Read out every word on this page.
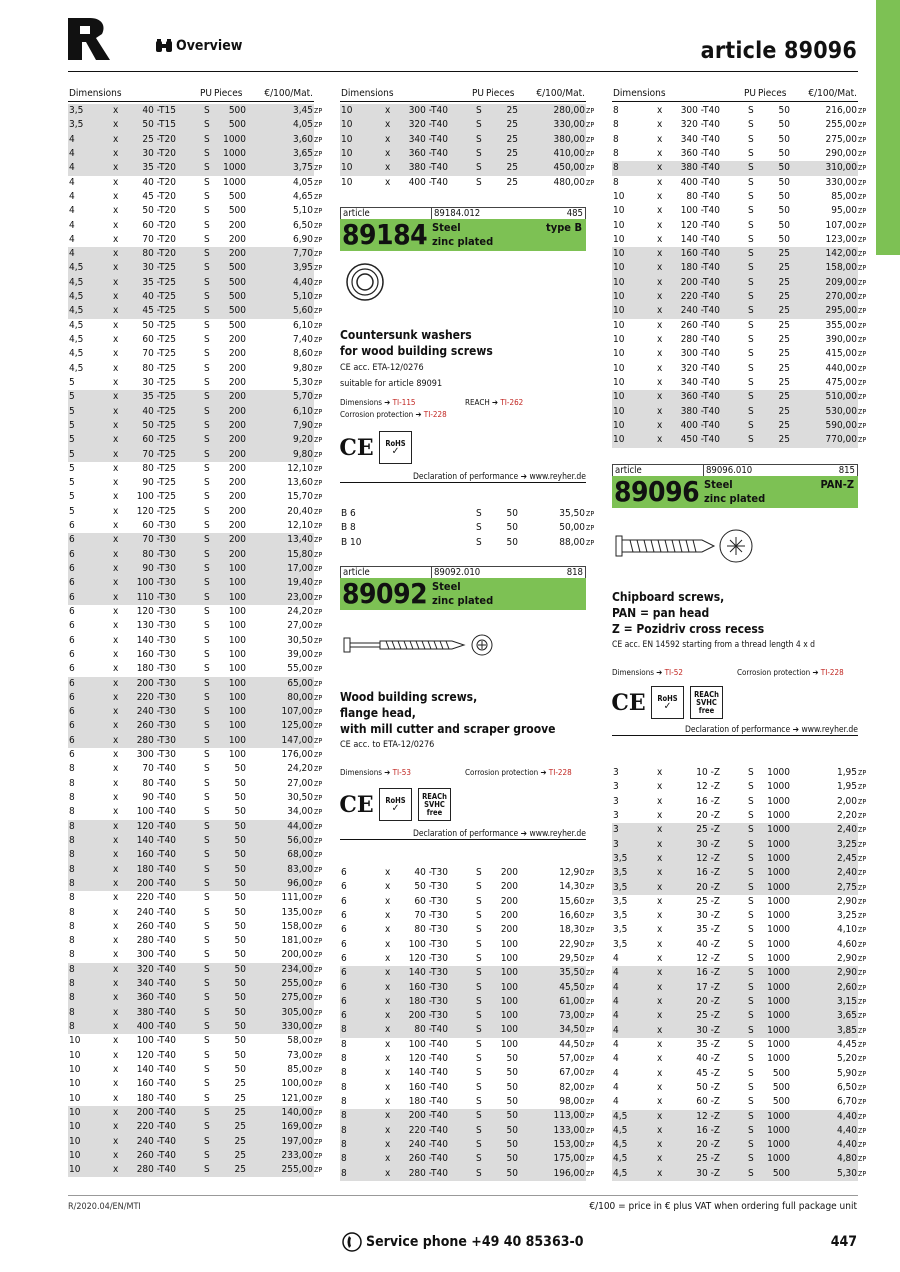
Overview	article 89096
Dimensions	PU Pieces €/100/Mat.
3,5	x	40 -T15	S	500	3,45 ZP
3,5	x	50 -T15	S	500	4,05 ZP
4	x	25 -T20	S	1000	3,60 ZP
4	x	30 -T20	S	1000	3,65 ZP
4	x	35 -T20	S	1000	3,75 ZP
4	x	40 -T20	S	1000	4,05 ZP
4	x	45 -T20	S	500	4,65 ZP
4	x	50 -T20	S	500	5,10 ZP
4	x	60 -T20	S	200	6,50 ZP
4	x	70 -T20	S	200	6,90 ZP
4	x	80 -T20	S	200	7,70 ZP
4,5	x	30 -T25	S	500	3,95 ZP
4,5	x	35 -T25	S	500	4,40 ZP
4,5	x	40 -T25	S	500	5,10 ZP
4,5	x	45 -T25	S	500	5,60 ZP
4,5	x	50 -T25	S	500	6,10 ZP
4,5	x	60 -T25	S	200	7,40 ZP
4,5	x	70 -T25	S	200	8,60 ZP
4,5	x	80 -T25	S	200	9,80 ZP
5	x	30 -T25	S	200	5,30 ZP
5	x	35 -T25	S	200	5,70 ZP
5	x	40 -T25	S	200	6,10 ZP
5	x	50 -T25	S	200	7,90 ZP
5	x	60 -T25	S	200	9,20 ZP
5	x	70 -T25	S	200	9,80 ZP
5	x	80 -T25	S	200	12,10 ZP
5	x	90 -T25	S	200	13,60 ZP
5	x	100 -T25	S	200	15,70 ZP
5	x	120 -T25	S	200	20,40 ZP
6	x	60 -T30	S	200	12,10 ZP
6	x	70 -T30	S	200	13,40 ZP
6	x	80 -T30	S	200	15,80 ZP
6	x	90 -T30	S	100	17,00 ZP
6	x	100 -T30	S	100	19,40 ZP
6	x	110 -T30	S	100	23,00 ZP
6	x	120 -T30	S	100	24,20 ZP
6	x	130 -T30	S	100	27,00 ZP
6	x	140 -T30	S	100	30,50 ZP
6	x	160 -T30	S	100	39,00 ZP
6	x	180 -T30	S	100	55,00 ZP
6	x	200 -T30	S	100	65,00 ZP
6	x	220 -T30	S	100	80,00 ZP
6	x	240 -T30	S	100	107,00 ZP
6	x	260 -T30	S	100	125,00 ZP
6	x	280 -T30	S	100	147,00 ZP
6	x	300 -T30	S	100	176,00 ZP
8	x	70 -T40	S	50	24,20 ZP
8	x	80 -T40	S	50	27,00 ZP
8	x	90 -T40	S	50	30,50 ZP
8	x	100 -T40	S	50	34,00 ZP
8	x	120 -T40	S	50	44,00 ZP
8	x	140 -T40	S	50	56,00 ZP
8	x	160 -T40	S	50	68,00 ZP
8	x	180 -T40	S	50	83,00 ZP
8	x	200 -T40	S	50	96,00 ZP
8	x	220 -T40	S	50	111,00 ZP
8	x	240 -T40	S	50	135,00 ZP
8	x	260 -T40	S	50	158,00 ZP
8	x	280 -T40	S	50	181,00 ZP
8	x	300 -T40	S	50	200,00 ZP
8	x	320 -T40	S	50	234,00 ZP
8	x	340 -T40	S	50	255,00 ZP
8	x	360 -T40	S	50	275,00 ZP
8	x	380 -T40	S	50	305,00 ZP
8	x	400 -T40	S	50	330,00 ZP
10	x	100 -T40	S	50	58,00 ZP
10	x	120 -T40	S	50	73,00 ZP
10	x	140 -T40	S	50	85,00 ZP
10	x	160 -T40	S	25	100,00 ZP
10	x	180 -T40	S	25	121,00 ZP
10	x	200 -T40	S	25	140,00 ZP
10	x	220 -T40	S	25	169,00 ZP
10	x	240 -T40	S	25	197,00 ZP
10	x	260 -T40	S	25	233,00 ZP
10	x	280 -T40	S	25	255,00 ZP
Dimensions	PU Pieces €/100/Mat.
10	x	300 -T40	S	25	280,00 ZP
10	x	320 -T40	S	25	330,00 ZP
10	x	340 -T40	S	25	380,00 ZP
10	x	360 -T40	S	25	410,00 ZP
10	x	380 -T40	S	25	450,00 ZP
10	x	400 -T40	S	25	480,00 ZP
article	89184.012	485
89184 Steel
zinc plated
type B
Countersunk washers
for wood building screws
CE acc. ETA-12/0276
suitable for article 89091
Dimensions ➔ TI-115	REACH ➔ TI-262
Corrosion protection ➔ TI-228
CE RoHS
✓
Declaration of performance ➔ www.reyher.de
B 6	S	50	35,50 ZP
B 8	S	50	50,00 ZP
B 10	S	50	88,00 ZP
article	89092.010	818
89092 Steel
zinc plated
Wood building screws,
flange head,
with mill cutter and scraper groove
CE acc. to ETA-12/0276
Dimensions ➔ TI-53	Corrosion protection ➔ TI-228
CE RoHS
✓
REACh
SVHC
free
Declaration of performance ➔ www.reyher.de
6	x	40 -T30	S	200	12,90 ZP
6	x	50 -T30	S	200	14,30 ZP
6	x	60 -T30	S	200	15,60 ZP
6	x	70 -T30	S	200	16,60 ZP
6	x	80 -T30	S	200	18,30 ZP
6	x	100 -T30	S	100	22,90 ZP
6	x	120 -T30	S	100	29,50 ZP
6	x	140 -T30	S	100	35,50 ZP
6	x	160 -T30	S	100	45,50 ZP
6	x	180 -T30	S	100	61,00 ZP
6	x	200 -T30	S	100	73,00 ZP
8	x	80 -T40	S	100	34,50 ZP
8	x	100 -T40	S	100	44,50 ZP
8	x	120 -T40	S	50	57,00 ZP
8	x	140 -T40	S	50	67,00 ZP
8	x	160 -T40	S	50	82,00 ZP
8	x	180 -T40	S	50	98,00 ZP
8	x	200 -T40	S	50	113,00 ZP
8	x	220 -T40	S	50	133,00 ZP
8	x	240 -T40	S	50	153,00 ZP
8	x	260 -T40	S	50	175,00 ZP
8	x	280 -T40	S	50	196,00 ZP
Dimensions	PU Pieces €/100/Mat.
8	x	300 -T40	S	50	216,00 ZP
8	x	320 -T40	S	50	255,00 ZP
8	x	340 -T40	S	50	275,00 ZP
8	x	360 -T40	S	50	290,00 ZP
8	x	380 -T40	S	50	310,00 ZP
8	x	400 -T40	S	50	330,00 ZP
10	x	80 -T40	S	50	85,00 ZP
10	x	100 -T40	S	50	95,00 ZP
10	x	120 -T40	S	50	107,00 ZP
10	x	140 -T40	S	50	123,00 ZP
10	x	160 -T40	S	25	142,00 ZP
10	x	180 -T40	S	25	158,00 ZP
10	x	200 -T40	S	25	209,00 ZP
10	x	220 -T40	S	25	270,00 ZP
10	x	240 -T40	S	25	295,00 ZP
10	x	260 -T40	S	25	355,00 ZP
10	x	280 -T40	S	25	390,00 ZP
10	x	300 -T40	S	25	415,00 ZP
10	x	320 -T40	S	25	440,00 ZP
10	x	340 -T40	S	25	475,00 ZP
10	x	360 -T40	S	25	510,00 ZP
10	x	380 -T40	S	25	530,00 ZP
10	x	400 -T40	S	25	590,00 ZP
10	x	450 -T40	S	25	770,00 ZP
article	89096.010	815
89096 Steel
zinc plated
PAN-Z
Chipboard screws,
PAN = pan head
Z = Pozidriv cross recess
CE acc. EN 14592 starting from a thread length 4 x d
Dimensions ➔ TI-52	Corrosion protection ➔ TI-228
CE RoHS
✓
REACh
SVHC
free
Declaration of performance ➔ www.reyher.de
3	x	10 -Z	S	1000	1,95 ZP
3	x	12 -Z	S	1000	1,95 ZP
3	x	16 -Z	S	1000	2,00 ZP
3	x	20 -Z	S	1000	2,20 ZP
3	x	25 -Z	S	1000	2,40 ZP
3	x	30 -Z	S	1000	3,25 ZP
3,5	x	12 -Z	S	1000	2,45 ZP
3,5	x	16 -Z	S	1000	2,40 ZP
3,5	x	20 -Z	S	1000	2,75 ZP
3,5	x	25 -Z	S	1000	2,90 ZP
3,5	x	30 -Z	S	1000	3,25 ZP
3,5	x	35 -Z	S	1000	4,10 ZP
3,5	x	40 -Z	S	1000	4,60 ZP
4	x	12 -Z	S	1000	2,90 ZP
4	x	16 -Z	S	1000	2,90 ZP
4	x	17 -Z	S	1000	2,60 ZP
4	x	20 -Z	S	1000	3,15 ZP
4	x	25 -Z	S	1000	3,65 ZP
4	x	30 -Z	S	1000	3,85 ZP
4	x	35 -Z	S	1000	4,45 ZP
4	x	40 -Z	S	1000	5,20 ZP
4	x	45 -Z	S	500	5,90 ZP
4	x	50 -Z	S	500	6,50 ZP
4	x	60 -Z	S	500	6,70 ZP
4,5	x	12 -Z	S	1000	4,40 ZP
4,5	x	16 -Z	S	1000	4,40 ZP
4,5	x	20 -Z	S	1000	4,40 ZP
4,5	x	25 -Z	S	1000	4,80 ZP
4,5	x	30 -Z	S	500	5,30 ZP
R/2020.04/EN/MTI	€/100 = price in € plus VAT when ordering full package unit
Service phone +49 40 85363-0	447
